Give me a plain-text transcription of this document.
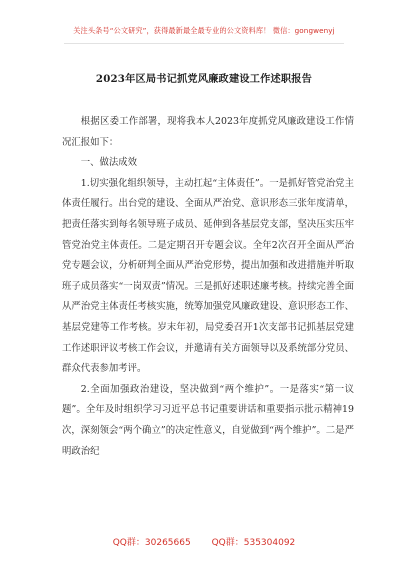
关注头条号“公文研究”，获得最新最全最专业的公文资料库！ 微信：gongwenyj
2023年区局书记抓党风廉政建设工作述职报告

根据区委工作部署，现将我本人2023年度抓党风廉政建设工作情况汇报如下：

一、做法成效

1.切实强化组织领导，主动扛起“主体责任”。一是抓好管党治党主体责任履行。出台党的建设、全面从严治党、意识形态三张年度清单，把责任落实到每名领导班子成员、延伸到各基层党支部，坚决压实压牢管党治党主体责任。二是定期召开专题会议。全年2次召开全面从严治党专题会议，分析研判全面从严治党形势，提出加强和改进措施并听取班子成员落实“一岗双责”情况。三是抓好述职述廉考核。持续完善全面从严治党主体责任考核实施，统筹加强党风廉政建设、意识形态工作、基层党建等工作考核。岁末年初，局党委召开1次支部书记抓基层党建工作述职评议考核工作会议，并邀请有关方面领导以及系统部分党员、群众代表参加考评。

2.全面加强政治建设，坚决做到“两个维护”。一是落实“第一议题”。全年及时组织学习习近平总书记重要讲话和重要指示批示精神19次，深刻领会“两个确立”的决定性意义，自觉做到“两个维护”。二是严明政治纪

QQ群：30265665 QQ群：535304092
